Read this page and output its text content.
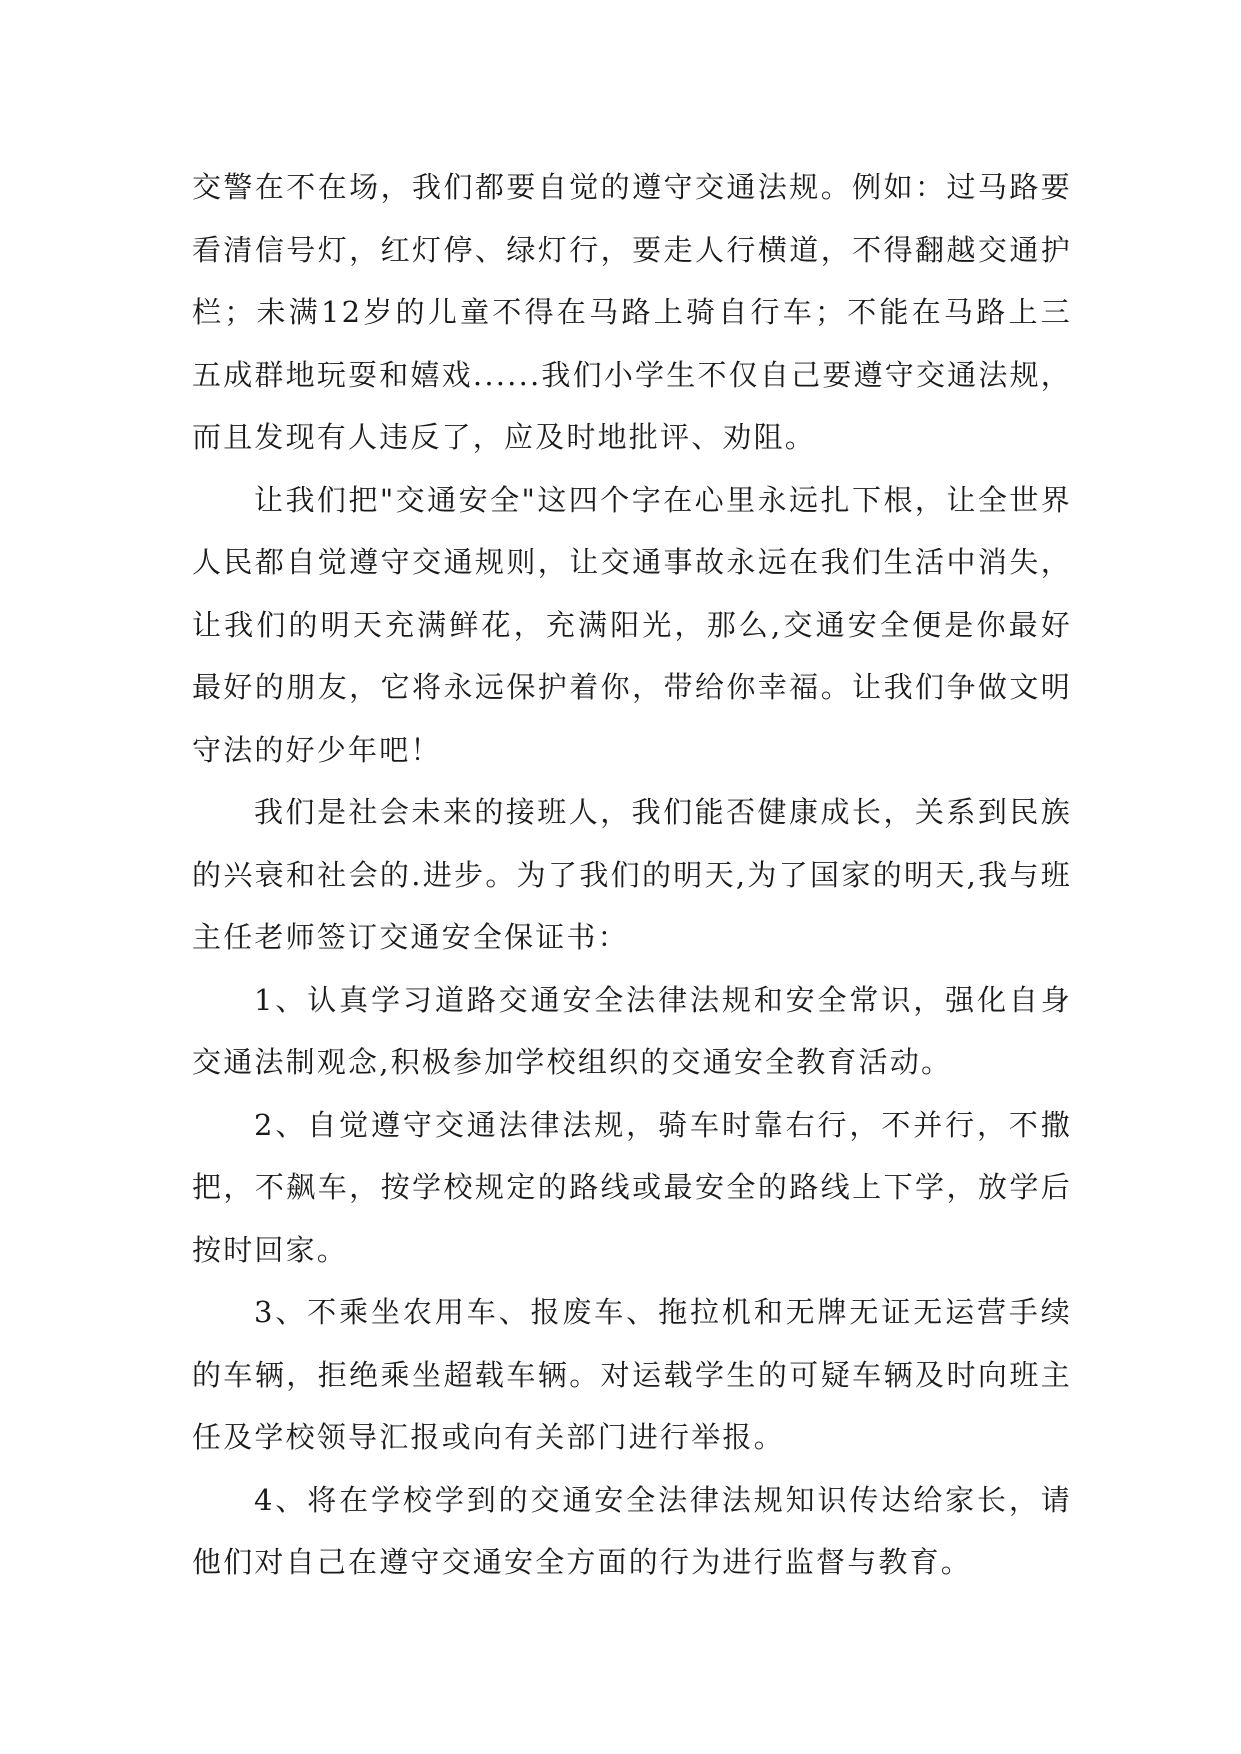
交警在不在场，我们都要自觉的遵守交通法规。例如：过马路要看清信号灯，红灯停、绿灯行，要走人行横道，不得翻越交通护栏；未满12岁的儿童不得在马路上骑自行车；不能在马路上三五成群地玩耍和嬉戏......我们小学生不仅自己要遵守交通法规，而且发现有人违反了，应及时地批评、劝阻。

让我们把"交通安全"这四个字在心里永远扎下根，让全世界人民都自觉遵守交通规则，让交通事故永远在我们生活中消失，让我们的明天充满鲜花，充满阳光，那么,交通安全便是你最好最好的朋友，它将永远保护着你，带给你幸福。让我们争做文明守法的好少年吧！

我们是社会未来的接班人，我们能否健康成长，关系到民族的兴衰和社会的.进步。为了我们的明天,为了国家的明天,我与班主任老师签订交通安全保证书：

1、认真学习道路交通安全法律法规和安全常识，强化自身交通法制观念,积极参加学校组织的交通安全教育活动。

2、自觉遵守交通法律法规，骑车时靠右行，不并行，不撒把，不飙车，按学校规定的路线或最安全的路线上下学，放学后按时回家。

3、不乘坐农用车、报废车、拖拉机和无牌无证无运营手续的车辆，拒绝乘坐超载车辆。对运载学生的可疑车辆及时向班主任及学校领导汇报或向有关部门进行举报。

4、将在学校学到的交通安全法律法规知识传达给家长，请他们对自己在遵守交通安全方面的行为进行监督与教育。
